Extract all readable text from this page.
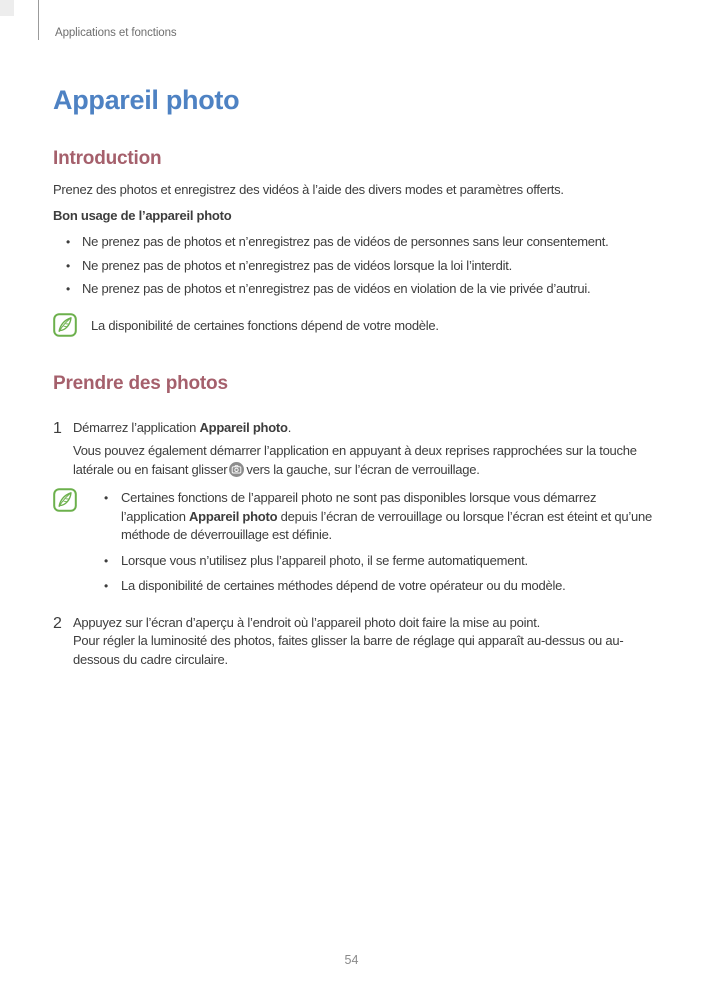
Applications et fonctions
Appareil photo
Introduction
Prenez des photos et enregistrez des vidéos à l’aide des divers modes et paramètres offerts.
Bon usage de l’appareil photo
• Ne prenez pas de photos et n’enregistrez pas de vidéos de personnes sans leur consentement.
• Ne prenez pas de photos et n’enregistrez pas de vidéos lorsque la loi l’interdit.
• Ne prenez pas de photos et n’enregistrez pas de vidéos en violation de la vie privée d’autrui.
La disponibilité de certaines fonctions dépend de votre modèle.
Prendre des photos
1 Démarrez l’application Appareil photo.
Vous pouvez également démarrer l’application en appuyant à deux reprises rapprochées sur la touche latérale ou en faisant glisser vers la gauche, sur l’écran de verrouillage.
• Certaines fonctions de l’appareil photo ne sont pas disponibles lorsque vous démarrez l’application Appareil photo depuis l’écran de verrouillage ou lorsque l’écran est éteint et qu’une méthode de déverrouillage est définie.
• Lorsque vous n’utilisez plus l’appareil photo, il se ferme automatiquement.
• La disponibilité de certaines méthodes dépend de votre opérateur ou du modèle.
2 Appuyez sur l’écran d’aperçu à l’endroit où l’appareil photo doit faire la mise au point.
Pour régler la luminosité des photos, faites glisser la barre de réglage qui apparaît au-dessus ou au-dessous du cadre circulaire.
54
